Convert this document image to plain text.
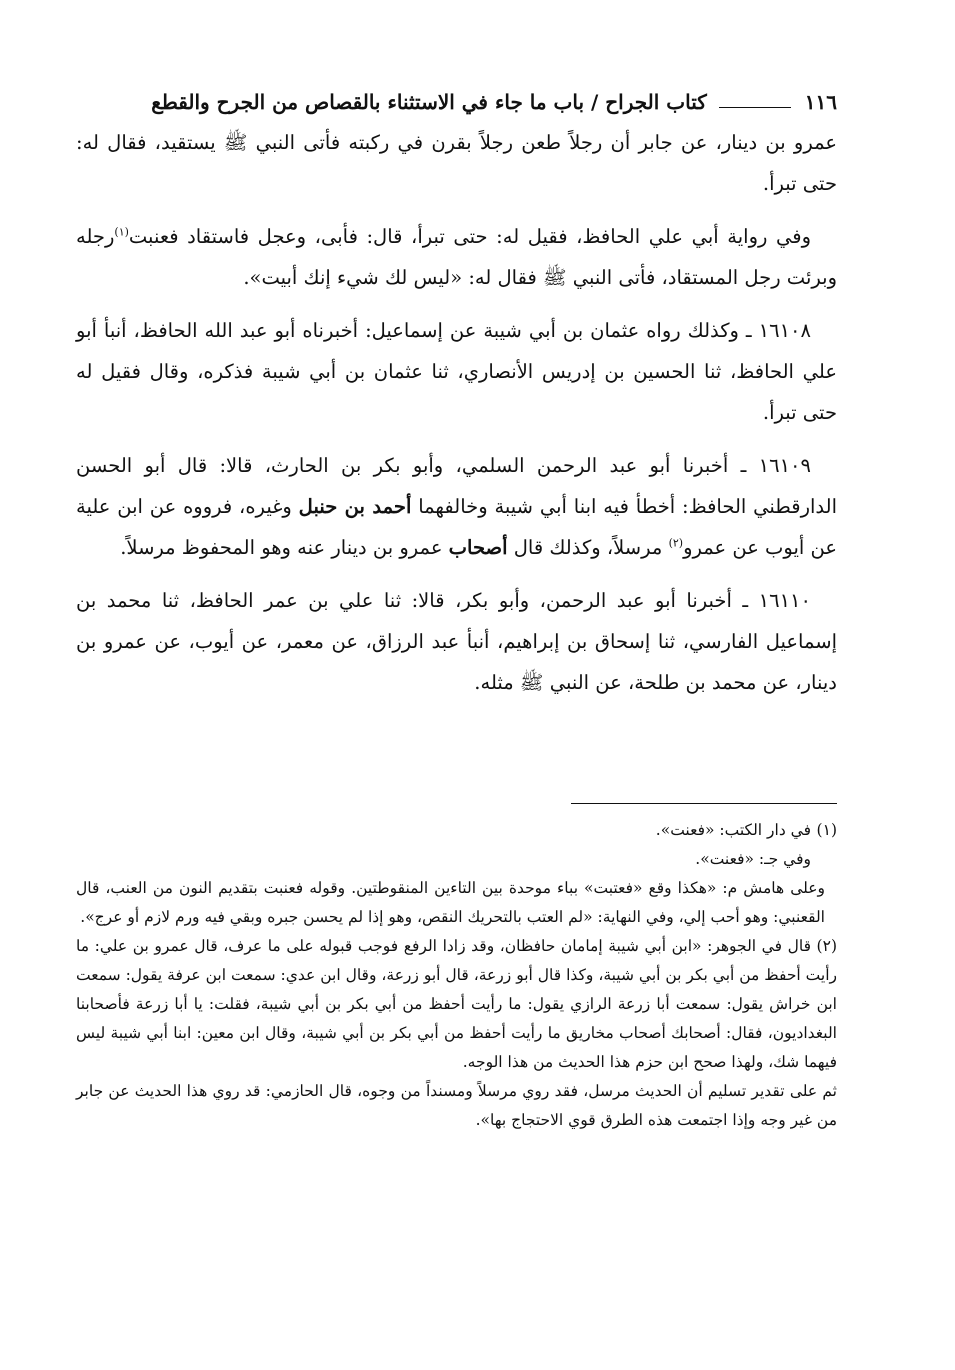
١١٦
كتاب الجراح / باب ما جاء في الاستثناء بالقصاص من الجرح والقطع

عمرو بن دينار، عن جابر أن رجلاً طعن رجلاً بقرن في ركبته فأتى النبي ﷺ يستقيد، فقال له: حتى تبرأ.

وفي رواية أبي علي الحافظ، فقيل له: حتى تبرأ، قال: فأبى، وعجل فاستقاد فعنبت$^{(١)}$رجله وبرئت رجل المستقاد، فأتى النبي ﷺ فقال له: «ليس لك شيء إنك أبيت».

١٦١٠٨ ـ وكذلك رواه عثمان بن أبي شيبة عن إسماعيل: أخبرناه أبو عبد الله الحافظ، أنبأ أبو علي الحافظ، ثنا الحسين بن إدريس الأنصاري، ثنا عثمان بن أبي شيبة فذكره، وقال فقيل له حتى تبرأ.

١٦١٠٩ ـ أخبرنا أبو عبد الرحمن السلمي، وأبو بكر بن الحارث، قالا: قال أبو الحسن الدارقطني الحافظ: أخطأ فيه ابنا أبي شيبة وخالفهما أحمد بن حنبل وغيره، فرووه عن ابن علية عن أيوب عن عمرو$^{(٢)}$ مرسلاً، وكذلك قال أصحاب عمرو بن دينار عنه وهو المحفوظ مرسلاً.

١٦١١٠ ـ أخبرنا أبو عبد الرحمن، وأبو بكر، قالا: ثنا علي بن عمر الحافظ، ثنا محمد بن إسماعيل الفارسي، ثنا إسحاق بن إبراهيم، أنبأ عبد الرزاق، عن معمر، عن أيوب، عن عمرو بن دينار، عن محمد بن طلحة، عن النبي ﷺ مثله.

(١)في دار الكتب: «فعنت».
وفي جـ: «فعنت».
وعلى هامش م: «هكذا وقع «فعتبت» بباء موحدة بين التاءين المنقوطتين. وقوله فعنبت بتقديم النون من العنب، قال القعنبي: وهو أحب إلي، وفي النهاية: «لم العتب بالتحريك النقص، وهو إذا لم يحسن جبره وبقي فيه ورم لازم أو عرج».
(٢)قال في الجوهر: «ابن أبي شيبة إمامان حافظان، وقد زادا الرفع فوجب قبوله على ما عرف، قال عمرو بن علي: ما رأيت أحفظ من أبي بكر بن أبي شيبة، وكذا قال أبو زرعة، قال أبو زرعة، وقال ابن عدي: سمعت ابن عرفة يقول: سمعت ابن خراش يقول: سمعت أبا زرعة الرازي يقول: ما رأيت أحفظ من أبي بكر بن أبي شيبة، فقلت: يا أبا زرعة فأصحابنا البغداديون، فقال: أصحابك أصحاب مخاريق ما رأيت أحفظ من أبي بكر بن أبي شيبة، وقال ابن معين: ابنا أبي شيبة ليس فيهما شك، ولهذا صحح ابن حزم هذا الحديث من هذا الوجه.
ثم على تقدير تسليم أن الحديث مرسل، فقد روي مرسلاً ومسنداً من وجوه، قال الحازمي: قد روي هذا الحديث عن جابر من غير وجه وإذا اجتمعت هذه الطرق قوي الاحتجاج بها».
